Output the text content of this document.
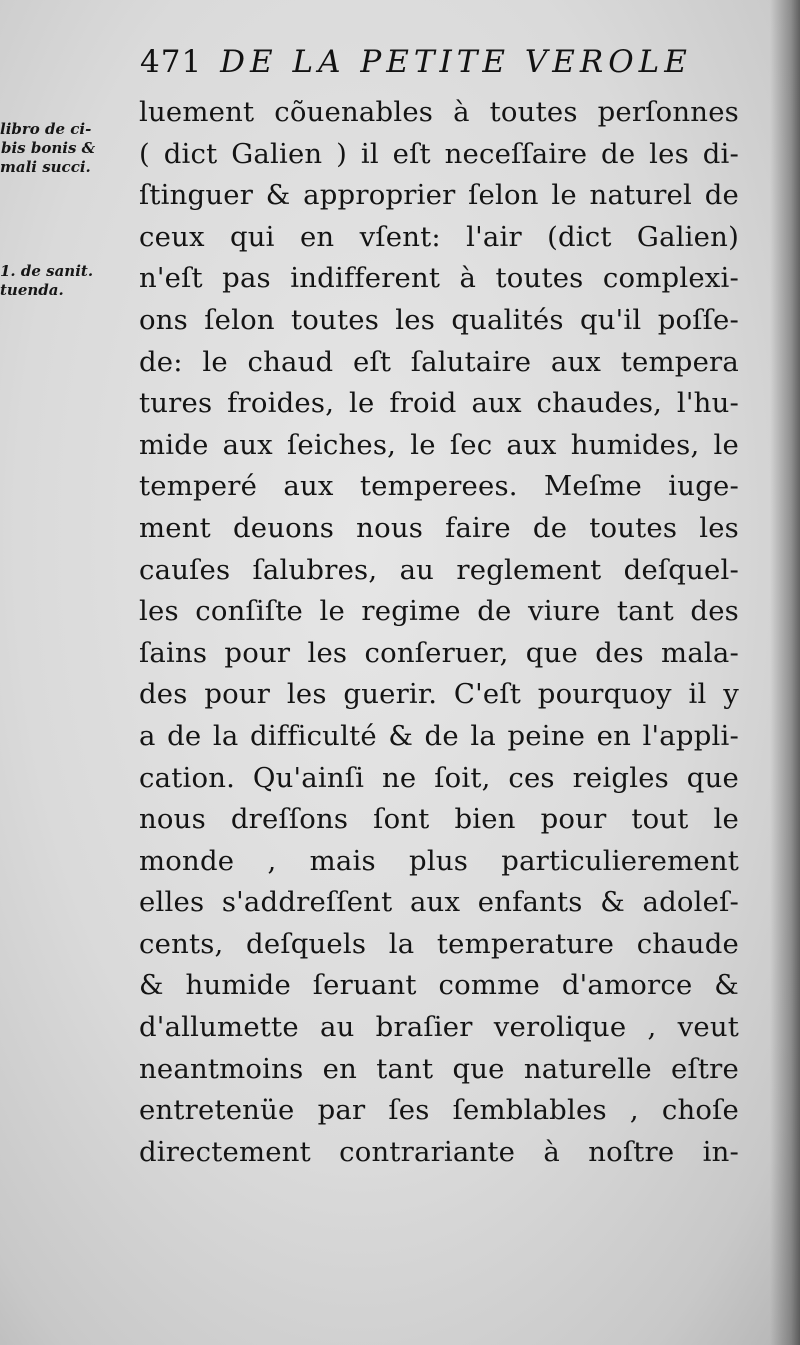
libro de ci-
bis bonis &
mali succi.
1. de sanit.
tuenda.
471 DE LA PETITE VEROLE
luement cõuenables à toutes perſonnes
( dict Galien ) il eſt neceſſaire de les di-
ſtinguer & approprier ſelon le naturel de
ceux qui en vſent: l'air (dict Galien)
n'eſt pas indifferent à toutes complexi-
ons ſelon toutes les qualités qu'il poſſe-
de: le chaud eſt ſalutaire aux tempera
tures froides, le froid aux chaudes, l'hu-
mide aux ſeiches, le ſec aux humides, le
temperé aux temperees. Meſme iuge-
ment deuons nous faire de toutes les
cauſes ſalubres, au reglement deſquel-
les conſiſte le regime de viure tant des
ſains pour les conſeruer, que des mala-
des pour les guerir. C'eſt pourquoy il y
a de la difficulté & de la peine en l'appli-
cation. Qu'ainſi ne ſoit, ces reigles que
nous dreſſons ſont bien pour tout le
monde , mais plus particulierement
elles s'addreſſent aux enfants & adoleſ-
cents, deſquels la temperature chaude
& humide ſeruant comme d'amorce &
d'allumette au braſier verolique , veut
neantmoins en tant que naturelle eſtre
entretenüe par ſes ſemblables , choſe
directement contrariante à noſtre in-
